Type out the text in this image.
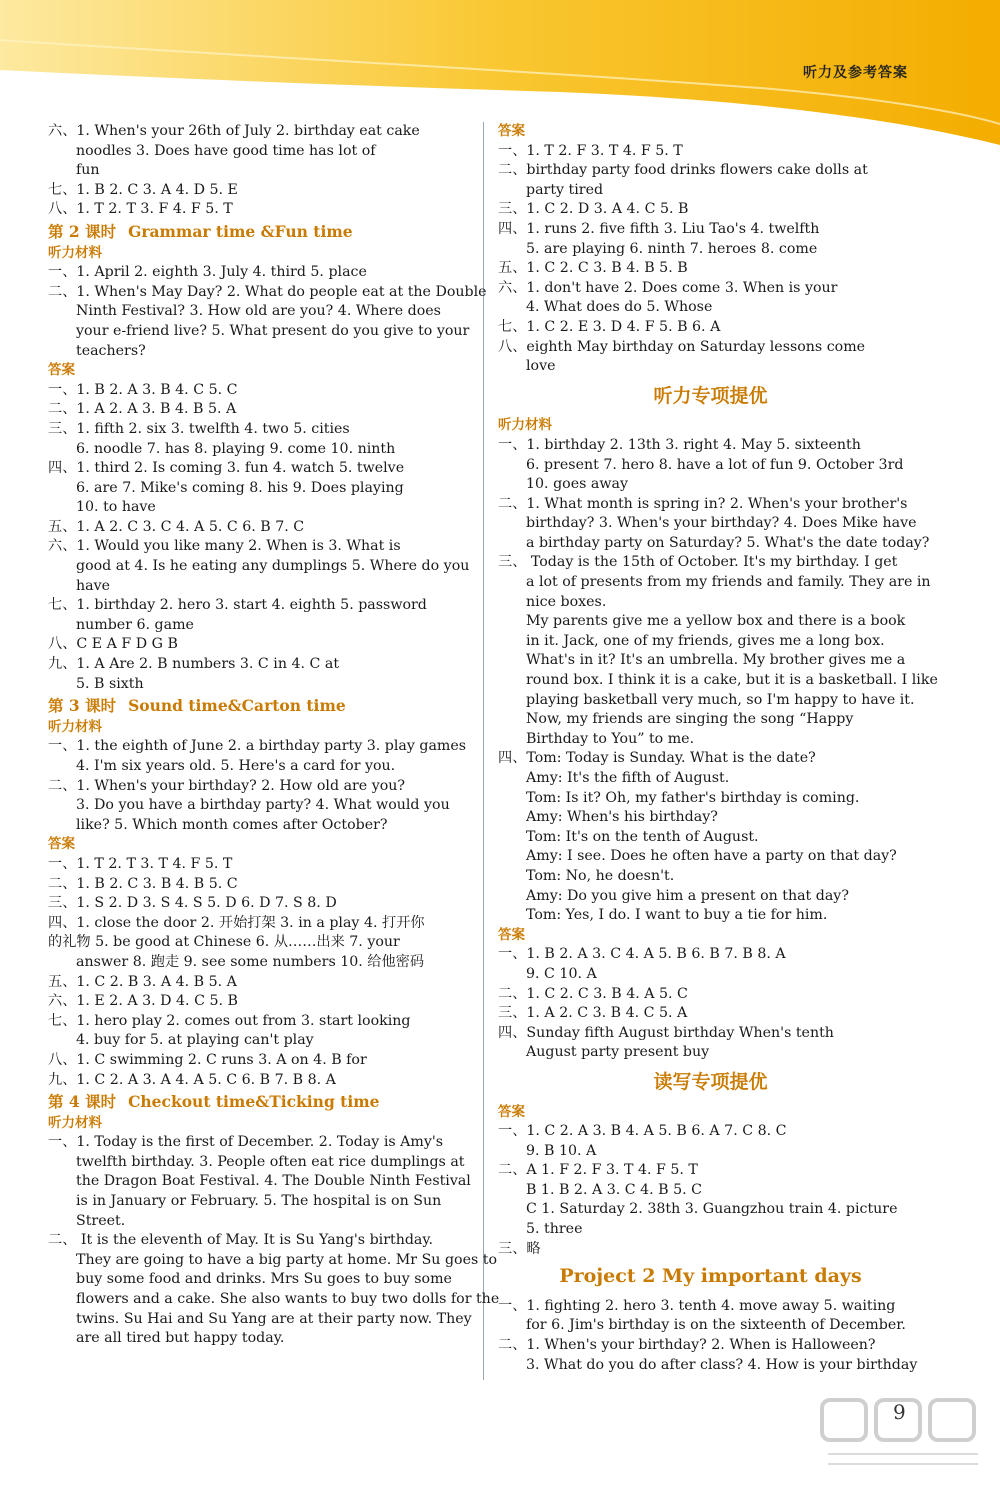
听力及参考答案
六、1. When's your 26th of July 2. birthday eat cake
noodles 3. Does have good time has lot of
fun
七、1. B 2. C 3. A 4. D 5. E
八、1. T 2. T 3. F 4. F 5. T
第 2 课时 Grammar time &Fun time
听力材料
一、1. April 2. eighth 3. July 4. third 5. place
二、1. When's May Day? 2. What do people eat at the Double
Ninth Festival? 3. How old are you? 4. Where does
your e-friend live? 5. What present do you give to your
teachers?
答案
一、1. B 2. A 3. B 4. C 5. C
二、1. A 2. A 3. B 4. B 5. A
三、1. fifth 2. six 3. twelfth 4. two 5. cities
6. noodle 7. has 8. playing 9. come 10. ninth
四、1. third 2. Is coming 3. fun 4. watch 5. twelve
6. are 7. Mike's coming 8. his 9. Does playing
10. to have
五、1. A 2. C 3. C 4. A 5. C 6. B 7. C
六、1. Would you like many 2. When is 3. What is
good at 4. Is he eating any dumplings 5. Where do you
have
七、1. birthday 2. hero 3. start 4. eighth 5. password
number 6. game
八、C E A F D G B
九、1. A Are 2. B numbers 3. C in 4. C at
5. B sixth
第 3 课时 Sound time&Carton time
听力材料
一、1. the eighth of June 2. a birthday party 3. play games
4. I'm six years old. 5. Here's a card for you.
二、1. When's your birthday? 2. How old are you?
3. Do you have a birthday party? 4. What would you
like? 5. Which month comes after October?
答案
一、1. T 2. T 3. T 4. F 5. T
二、1. B 2. C 3. B 4. B 5. C
三、1. S 2. D 3. S 4. S 5. D 6. D 7. S 8. D
四、1. close the door 2. 开始打架 3. in a play 4. 打开你
的礼物 5. be good at Chinese 6. 从……出来 7. your
answer 8. 跑走 9. see some numbers 10. 给他密码
五、1. C 2. B 3. A 4. B 5. A
六、1. E 2. A 3. D 4. C 5. B
七、1. hero play 2. comes out from 3. start looking
4. buy for 5. at playing can't play
八、1. C swimming 2. C runs 3. A on 4. B for
九、1. C 2. A 3. A 4. A 5. C 6. B 7. B 8. A
第 4 课时 Checkout time&Ticking time
听力材料
一、1. Today is the first of December. 2. Today is Amy's
twelfth birthday. 3. People often eat rice dumplings at
the Dragon Boat Festival. 4. The Double Ninth Festival
is in January or February. 5. The hospital is on Sun
Street.
二、 It is the eleventh of May. It is Su Yang's birthday.
They are going to have a big party at home. Mr Su goes to
buy some food and drinks. Mrs Su goes to buy some
flowers and a cake. She also wants to buy two dolls for the
twins. Su Hai and Su Yang are at their party now. They
are all tired but happy today.
答案
一、1. T 2. F 3. T 4. F 5. T
二、birthday party food drinks flowers cake dolls at
party tired
三、1. C 2. D 3. A 4. C 5. B
四、1. runs 2. five fifth 3. Liu Tao's 4. twelfth
5. are playing 6. ninth 7. heroes 8. come
五、1. C 2. C 3. B 4. B 5. B
六、1. don't have 2. Does come 3. When is your
4. What does do 5. Whose
七、1. C 2. E 3. D 4. F 5. B 6. A
八、eighth May birthday on Saturday lessons come
love
听力专项提优
听力材料
一、1. birthday 2. 13th 3. right 4. May 5. sixteenth
6. present 7. hero 8. have a lot of fun 9. October 3rd
10. goes away
二、1. What month is spring in? 2. When's your brother's
birthday? 3. When's your birthday? 4. Does Mike have
a birthday party on Saturday? 5. What's the date today?
三、 Today is the 15th of October. It's my birthday. I get
a lot of presents from my friends and family. They are in
nice boxes.
My parents give me a yellow box and there is a book
in it. Jack, one of my friends, gives me a long box.
What's in it? It's an umbrella. My brother gives me a
round box. I think it is a cake, but it is a basketball. I like
playing basketball very much, so I'm happy to have it.
Now, my friends are singing the song “Happy
Birthday to You” to me.
四、Tom: Today is Sunday. What is the date?
Amy: It's the fifth of August.
Tom: Is it? Oh, my father's birthday is coming.
Amy: When's his birthday?
Tom: It's on the tenth of August.
Amy: I see. Does he often have a party on that day?
Tom: No, he doesn't.
Amy: Do you give him a present on that day?
Tom: Yes, I do. I want to buy a tie for him.
答案
一、1. B 2. A 3. C 4. A 5. B 6. B 7. B 8. A
9. C 10. A
二、1. C 2. C 3. B 4. A 5. C
三、1. A 2. C 3. B 4. C 5. A
四、Sunday fifth August birthday When's tenth
August party present buy
读写专项提优
答案
一、1. C 2. A 3. B 4. A 5. B 6. A 7. C 8. C
9. B 10. A
二、A 1. F 2. F 3. T 4. F 5. T
B 1. B 2. A 3. C 4. B 5. C
C 1. Saturday 2. 38th 3. Guangzhou train 4. picture
5. three
三、略
Project 2 My important days
一、1. fighting 2. hero 3. tenth 4. move away 5. waiting
for 6. Jim's birthday is on the sixteenth of December.
二、1. When's your birthday? 2. When is Halloween?
3. What do you do after class? 4. How is your birthday
9
